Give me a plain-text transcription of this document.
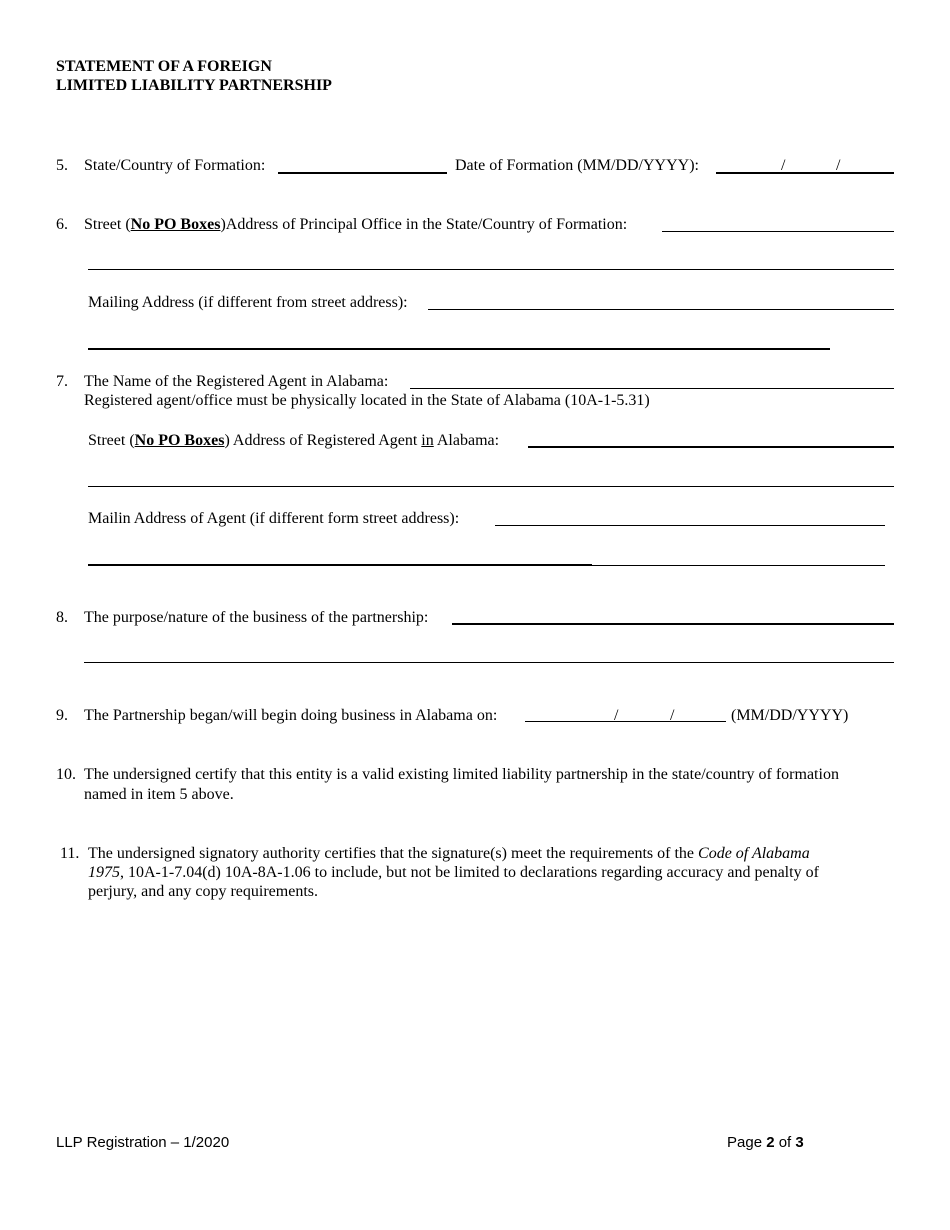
STATEMENT OF A FOREIGN
LIMITED LIABILITY PARTNERSHIP
5. State/Country of Formation:	Date of Formation (MM/DD/YYYY):	/	/
6. Street (No PO Boxes)Address of Principal Office in the State/Country of Formation:
Mailing Address (if different from street address):
7. The Name of the Registered Agent in Alabama:
Registered agent/office must be physically located in the State of Alabama (10A-1-5.31)
Street (No PO Boxes) Address of Registered Agent in Alabama:
Mailin Address of Agent (if different form street address):
8. The purpose/nature of the business of the partnership:
9. The Partnership began/will begin doing business in Alabama on:	/	/	(MM/DD/YYYY)
10. The undersigned certify that this entity is a valid existing limited liability partnership in the state/country of formation
named in item 5 above.
11. The undersigned signatory authority certifies that the signature(s) meet the requirements of the Code of Alabama
1975, 10A-1-7.04(d) 10A-8A-1.06 to include, but not be limited to declarations regarding accuracy and penalty of
perjury, and any copy requirements.
LLP Registration – 1/2020	Page 2 of 3
